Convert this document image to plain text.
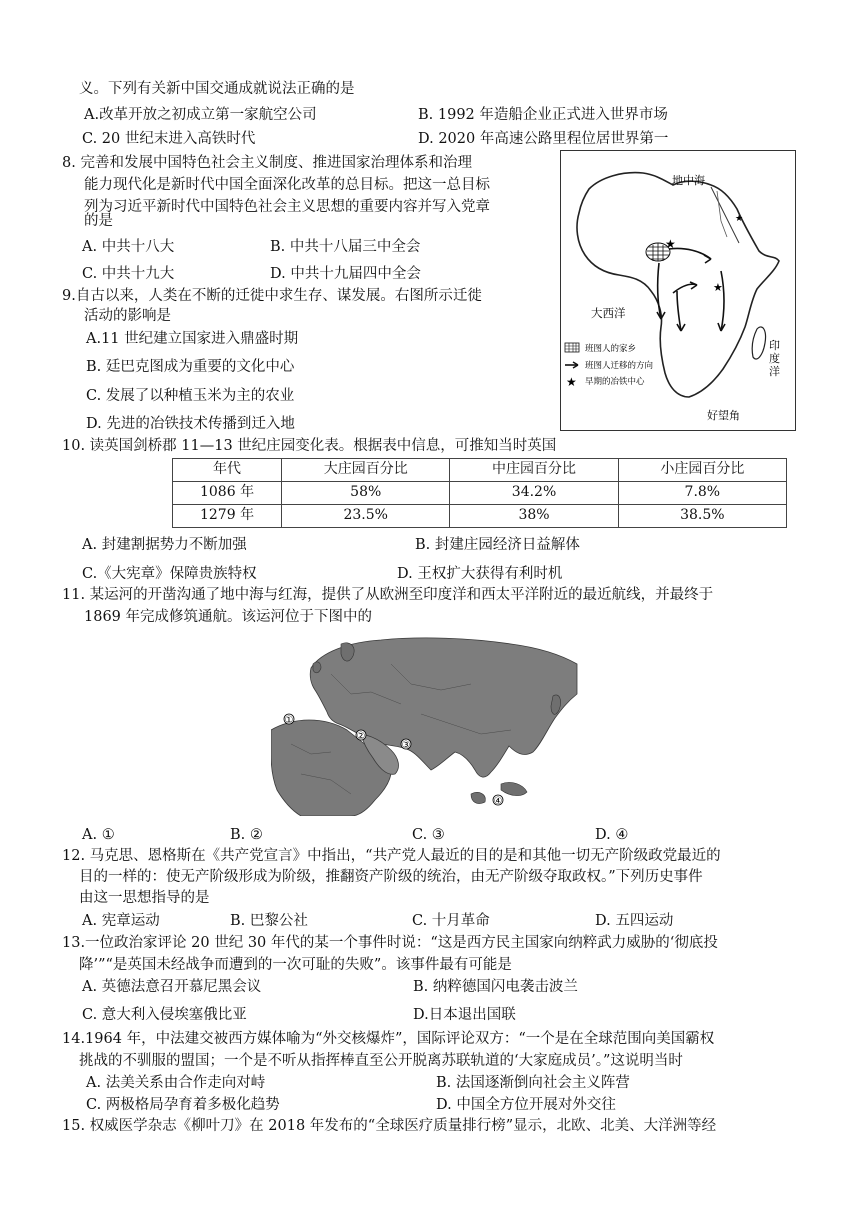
义。下列有关新中国交通成就说法正确的是
A.改革开放之初成立第一家航空公司	B. 1992 年造船企业正式进入世界市场
C. 20 世纪末进入高铁时代	D. 2020 年高速公路里程位居世界第一
8. 完善和发展中国特色社会主义制度、推进国家治理体系和治理
能力现代化是新时代中国全面深化改革的总目标。把这一总目标
列为习近平新时代中国特色社会主义思想的重要内容并写入党章
的是
A. 中共十八大	B. 中共十八届三中全会
C. 中共十九大	D. 中共十九届四中全会
9.自古以来，人类在不断的迁徙中求生存、谋发展。右图所示迁徙
活动的影响是
A.11 世纪建立国家进入鼎盛时期
B. 廷巴克图成为重要的文化中心
C. 发展了以种植玉米为主的农业
D. 先进的冶铁技术传播到迁入地
★
★
★
地中海
大西洋
印
度
洋
好望角
班图人的家乡
班图人迁移的方向
★ 早期的冶铁中心
10. 读英国剑桥郡 11—13 世纪庄园变化表。根据表中信息，可推知当时英国
年代	大庄园百分比	中庄园百分比	小庄园百分比
1086 年	58%	34.2%	7.8%
1279 年	23.5%	38%	38.5%
A. 封建割据势力不断加强	B. 封建庄园经济日益解体
C.《大宪章》保障贵族特权	D. 王权扩大获得有利时机
11. 某运河的开凿沟通了地中海与红海，提供了从欧洲至印度洋和西太平洋附近的最近航线，并最终于
1869 年完成修筑通航。该运河位于下图中的
①
②
③
④
A. ①	B. ②	C. ③	D. ④
12. 马克思、恩格斯在《共产党宣言》中指出，“共产党人最近的目的是和其他一切无产阶级政党最近的
目的一样的：使无产阶级形成为阶级，推翻资产阶级的统治，由无产阶级夺取政权。”下列历史事件
由这一思想指导的是
A. 宪章运动	B. 巴黎公社	C. 十月革命	D. 五四运动
13.一位政治家评论 20 世纪 30 年代的某一个事件时说：“这是西方民主国家向纳粹武力威胁的‘彻底投
降’”“是英国未经战争而遭到的一次可耻的失败”。该事件最有可能是
A. 英德法意召开慕尼黑会议	B. 纳粹德国闪电袭击波兰
C. 意大利入侵埃塞俄比亚	D.日本退出国联
14.1964 年，中法建交被西方媒体喻为“外交核爆炸”，国际评论双方：“一个是在全球范围向美国霸权
挑战的不驯服的盟国；一个是不听从指挥棒直至公开脱离苏联轨道的‘大家庭成员’。”这说明当时
A. 法美关系由合作走向对峙	B. 法国逐渐倒向社会主义阵营
C. 两极格局孕育着多极化趋势	D. 中国全方位开展对外交往
15. 权威医学杂志《柳叶刀》在 2018 年发布的“全球医疗质量排行榜”显示，北欧、北美、大洋洲等经
